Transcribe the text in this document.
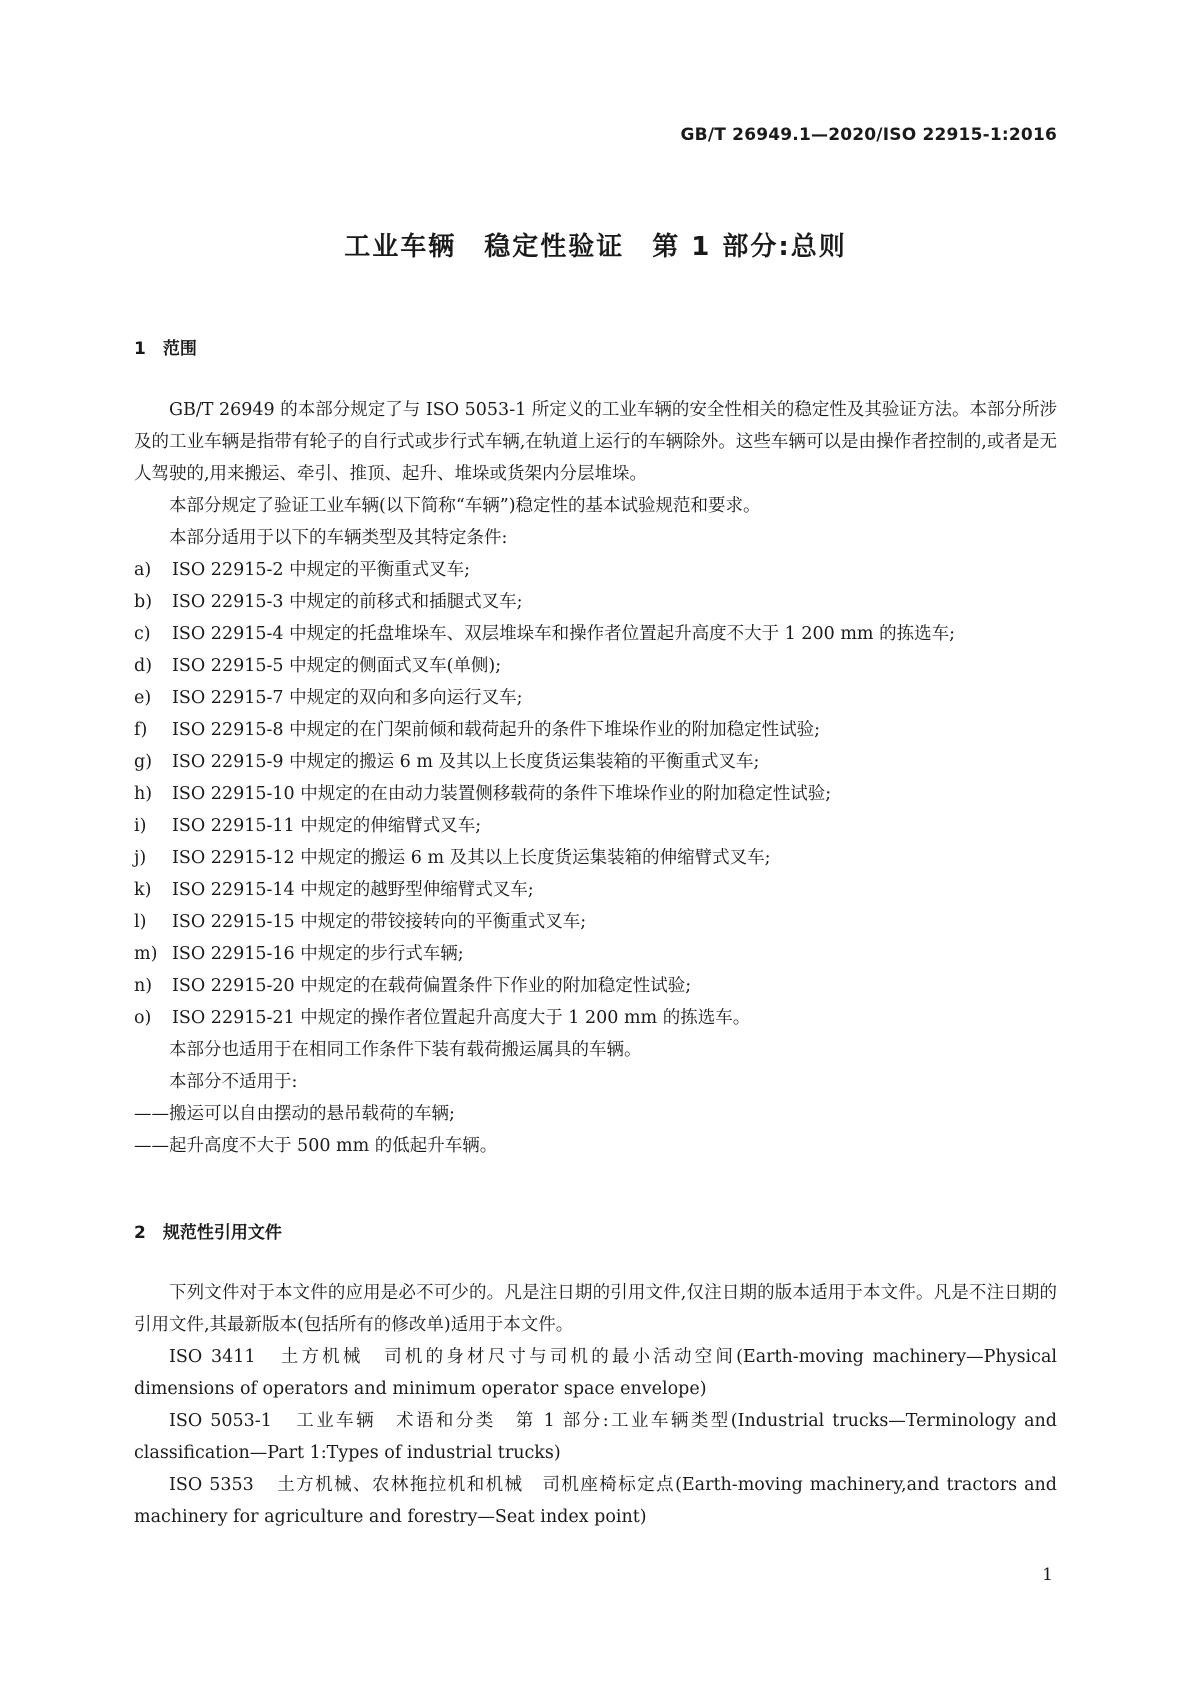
GB/T 26949.1—2020/ISO 22915-1:2016
工业车辆　稳定性验证　第 1 部分:总则
1　范围

GB/T 26949 的本部分规定了与 ISO 5053-1 所定义的工业车辆的安全性相关的稳定性及其验证方法。本部分所涉及的工业车辆是指带有轮子的自行式或步行式车辆,在轨道上运行的车辆除外。这些车辆可以是由操作者控制的,或者是无人驾驶的,用来搬运、牵引、推顶、起升、堆垛或货架内分层堆垛。

本部分规定了验证工业车辆(以下简称“车辆”)稳定性的基本试验规范和要求。

本部分适用于以下的车辆类型及其特定条件:

a)	ISO 22915-2 中规定的平衡重式叉车;
b)	ISO 22915-3 中规定的前移式和插腿式叉车;
c)	ISO 22915-4 中规定的托盘堆垛车、双层堆垛车和操作者位置起升高度不大于 1 200 mm 的拣选车;
d)	ISO 22915-5 中规定的侧面式叉车(单侧);
e)	ISO 22915-7 中规定的双向和多向运行叉车;
f)	ISO 22915-8 中规定的在门架前倾和载荷起升的条件下堆垛作业的附加稳定性试验;
g)	ISO 22915-9 中规定的搬运 6 m 及其以上长度货运集装箱的平衡重式叉车;
h)	ISO 22915-10 中规定的在由动力装置侧移载荷的条件下堆垛作业的附加稳定性试验;
i)	ISO 22915-11 中规定的伸缩臂式叉车;
j)	ISO 22915-12 中规定的搬运 6 m 及其以上长度货运集装箱的伸缩臂式叉车;
k)	ISO 22915-14 中规定的越野型伸缩臂式叉车;
l)	ISO 22915-15 中规定的带铰接转向的平衡重式叉车;
m) ISO 22915-16 中规定的步行式车辆;
n)	ISO 22915-20 中规定的在载荷偏置条件下作业的附加稳定性试验;
o)	ISO 22915-21 中规定的操作者位置起升高度大于 1 200 mm 的拣选车。

本部分也适用于在相同工作条件下装有载荷搬运属具的车辆。

本部分不适用于:

——搬运可以自由摆动的悬吊载荷的车辆;

——起升高度不大于 500 mm 的低起升车辆。

2　规范性引用文件

下列文件对于本文件的应用是必不可少的。凡是注日期的引用文件,仅注日期的版本适用于本文件。凡是不注日期的引用文件,其最新版本(包括所有的修改单)适用于本文件。

ISO 3411 土方机械　司机的身材尺寸与司机的最小活动空间(Earth-moving machinery—Physical dimensions of operators and minimum operator space envelope)

ISO 5053-1 工业车辆　术语和分类　第 1 部分:工业车辆类型(Industrial trucks—Terminology and classification—Part 1:Types of industrial trucks)

ISO 5353 土方机械、农林拖拉机和机械　司机座椅标定点(Earth-moving machinery,and tractors and machinery for agriculture and forestry—Seat index point)

1
